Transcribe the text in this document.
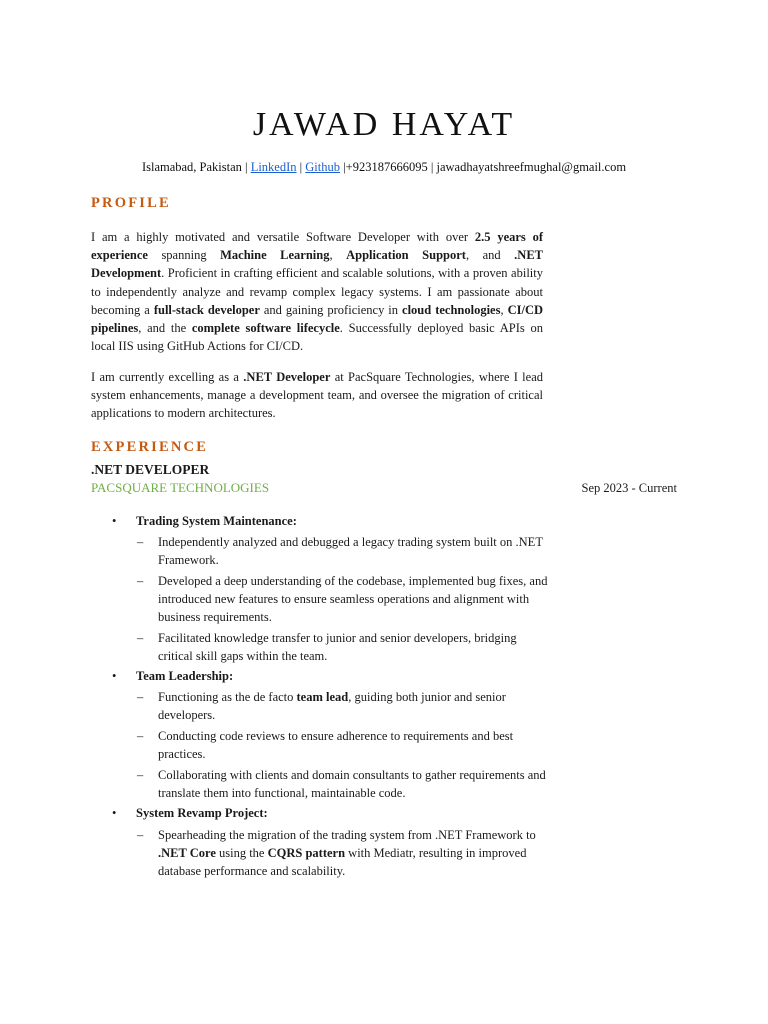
JAWAD HAYAT
Islamabad, Pakistan | LinkedIn | Github |+923187666095 | jawadhayatshreefmughal@gmail.com
PROFILE
I am a highly motivated and versatile Software Developer with over 2.5 years of experience spanning Machine Learning, Application Support, and .NET Development. Proficient in crafting efficient and scalable solutions, with a proven ability to independently analyze and revamp complex legacy systems. I am passionate about becoming a full-stack developer and gaining proficiency in cloud technologies, CI/CD pipelines, and the complete software lifecycle. Successfully deployed basic APIs on local IIS using GitHub Actions for CI/CD.
I am currently excelling as a .NET Developer at PacSquare Technologies, where I lead system enhancements, manage a development team, and oversee the migration of critical applications to modern architectures.
EXPERIENCE
.NET DEVELOPER
PACSQUARE TECHNOLOGIES	Sep 2023 - Current
• Trading System Maintenance:
– Independently analyzed and debugged a legacy trading system built on .NET Framework.
– Developed a deep understanding of the codebase, implemented bug fixes, and introduced new features to ensure seamless operations and alignment with business requirements.
– Facilitated knowledge transfer to junior and senior developers, bridging critical skill gaps within the team.
• Team Leadership:
– Functioning as the de facto team lead, guiding both junior and senior developers.
– Conducting code reviews to ensure adherence to requirements and best practices.
– Collaborating with clients and domain consultants to gather requirements and translate them into functional, maintainable code.
• System Revamp Project:
– Spearheading the migration of the trading system from .NET Framework to .NET Core using the CQRS pattern with Mediatr, resulting in improved database performance and scalability.
